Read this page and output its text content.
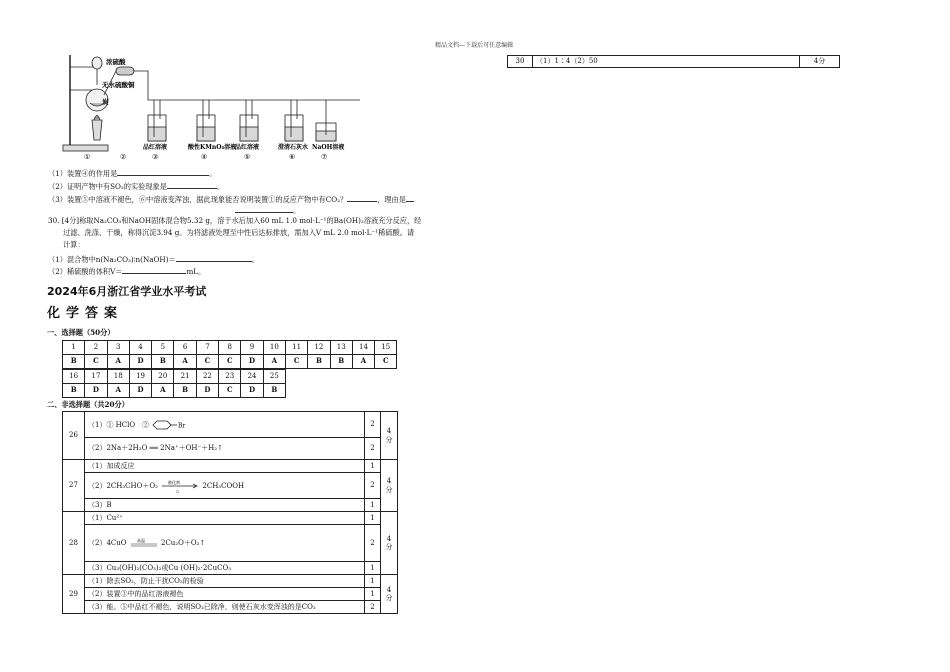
精品文档---下载后可任意编辑
30	（1）1∶4（2）50	4分
浓硫酸
无水硫酸铜
炭
品红溶液	酸性KMnO₄溶液
品红溶液	澄清石灰水 NaOH溶液
①	②	③	④	⑤	⑥	⑦
（1）装置④的作用是	。
（2）证明产物中有SO₂的实验现象是	。
（3）装置⑤中溶液不褪色，⑥中溶液变浑浊，据此现象能否说明装置①的反应产物中有CO₂？	，理由是
。
30. [4分]称取Na₂CO₃和NaOH固体混合物5.32 g，溶于水后加入60 mL 1.0 mol·L⁻¹的Ba(OH)₂溶液充分反应，经
过滤、洗涤、干燥，称得沉淀3.94 g。为将滤液处理至中性后达标排放，需加入V mL 2.0 mol·L⁻¹稀硫酸。请
计算：
（1）混合物中n(Na₂CO₃)∶n(NaOH)＝	。
（2）稀硫酸的体积V＝	mL。
2024年6月浙江省学业水平考试
化学答案
一、选择题（50分）
1	2	3	4	5	6	7	8	9	10	11	12	13	14	15
B	C	A	D	B	A	C	C	D	A	C	B	B	A	C
16	17	18	19	20	21	22	23	24	25
B	D	A	D	A	B	D	C	D	B
二、非选择题（共20分）
26	（1）① HClO　② Br	2	4分
	（2）2Na＋2H₂O ══ 2Na⁺＋OH⁻＋H₂↑	2	
27	（1）加成反应	1	4分
	（2）2CH₃CHO＋O₂ 催化剂
△
2CH₃COOH	2	
	（3）B	1	
28	（1）Cu²⁺	1	4分
	（2）4CuO 高温 2Cu₂O＋O₂↑	2	
	（3）Cu₃(OH)₂(CO₃)₂或Cu (OH)₂·2CuCO₃	1	
29	（1）除去SO₂，防止干扰CO₂的检验	1	4分
	（2）装置③中的品红溶液褪色	1	
	（3）能。⑤中品红不褪色，说明SO₂已除净，则使石灰水变浑浊的是CO₂	2	
